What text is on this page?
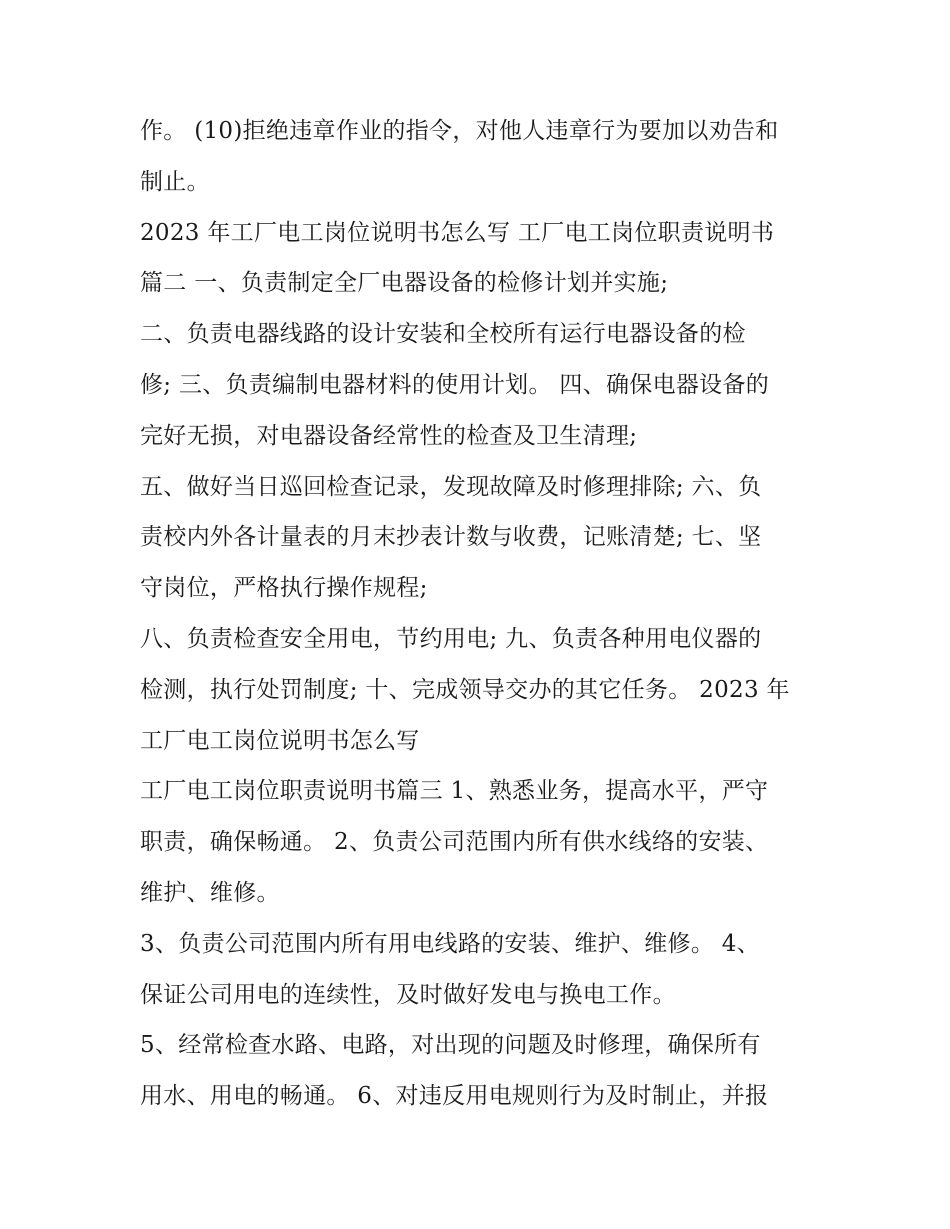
作。 (10)拒绝违章作业的指令，对他人违章行为要加以劝告和
制止。

2023 年工厂电工岗位说明书怎么写 工厂电工岗位职责说明书
篇二 一、负责制定全厂电器设备的检修计划并实施;

二、负责电器线路的设计安装和全校所有运行电器设备的检
修; 三、负责编制电器材料的使用计划。 四、确保电器设备的
完好无损，对电器设备经常性的检查及卫生清理;

五、做好当日巡回检查记录，发现故障及时修理排除; 六、负
责校内外各计量表的月末抄表计数与收费，记账清楚; 七、坚
守岗位，严格执行操作规程;

八、负责检查安全用电，节约用电; 九、负责各种用电仪器的
检测，执行处罚制度; 十、完成领导交办的其它任务。 2023 年
工厂电工岗位说明书怎么写

工厂电工岗位职责说明书篇三 1、熟悉业务，提高水平，严守
职责，确保畅通。 2、负责公司范围内所有供水线络的安装、
维护、维修。

3、负责公司范围内所有用电线路的安装、维护、维修。 4、
保证公司用电的连续性，及时做好发电与换电工作。

5、经常检查水路、电路，对出现的问题及时修理，确保所有
用水、用电的畅通。 6、对违反用电规则行为及时制止，并报
